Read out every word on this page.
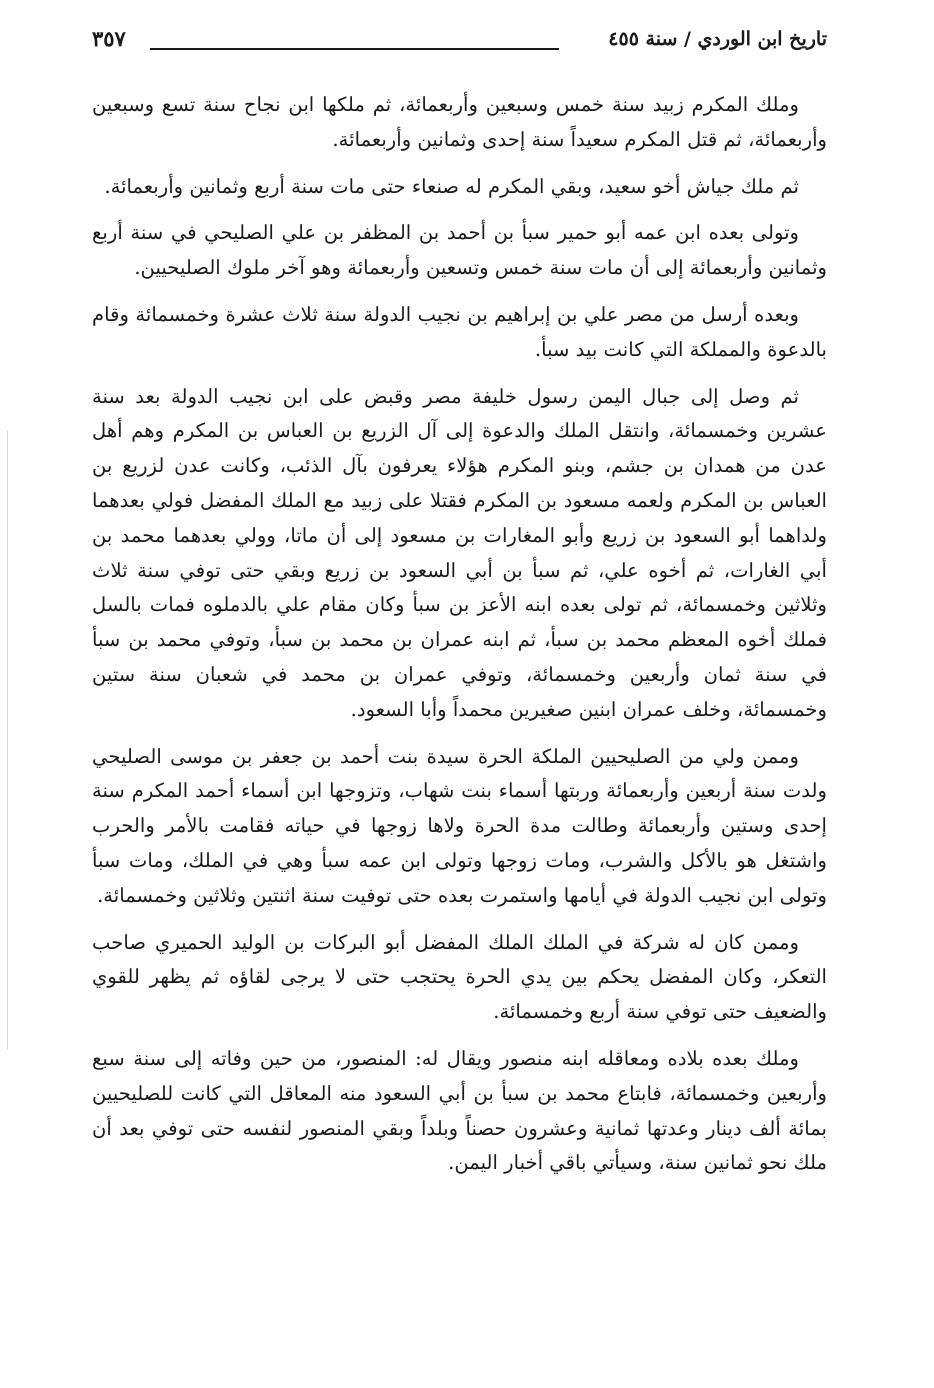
تاريخ ابن الوردي / سنة ٤٥٥
٣٥٧

وملك المكرم زبيد سنة خمس وسبعين وأربعمائة، ثم ملكها ابن نجاح سنة تسع وسبعين وأربعمائة، ثم قتل المكرم سعيداً سنة إحدى وثمانين وأربعمائة.

ثم ملك جياش أخو سعيد، وبقي المكرم له صنعاء حتى مات سنة أربع وثمانين وأربعمائة.

وتولى بعده ابن عمه أبو حمير سبأ بن أحمد بن المظفر بن علي الصليحي في سنة أربع وثمانين وأربعمائة إلى أن مات سنة خمس وتسعين وأربعمائة وهو آخر ملوك الصليحيين.

وبعده أرسل من مصر علي بن إبراهيم بن نجيب الدولة سنة ثلاث عشرة وخمسمائة وقام بالدعوة والمملكة التي كانت بيد سبأ.

ثم وصل إلى جبال اليمن رسول خليفة مصر وقبض على ابن نجيب الدولة بعد سنة عشرين وخمسمائة، وانتقل الملك والدعوة إلى آل الزريع بن العباس بن المكرم وهم أهل عدن من همدان بن جشم، وبنو المكرم هؤلاء يعرفون بآل الذئب، وكانت عدن لزريع بن العباس بن المكرم ولعمه مسعود بن المكرم فقتلا على زبيد مع الملك المفضل فولي بعدهما ولداهما أبو السعود بن زريع وأبو المغارات بن مسعود إلى أن ماتا، وولي بعدهما محمد بن أبي الغارات، ثم أخوه علي، ثم سبأ بن أبي السعود بن زريع وبقي حتى توفي سنة ثلاث وثلاثين وخمسمائة، ثم تولى بعده ابنه الأعز بن سبأ وكان مقام علي بالدملوه فمات بالسل فملك أخوه المعظم محمد بن سبأ، ثم ابنه عمران بن محمد بن سبأ، وتوفي محمد بن سبأ في سنة ثمان وأربعين وخمسمائة، وتوفي عمران بن محمد في شعبان سنة ستين وخمسمائة، وخلف عمران ابنين صغيرين محمداً وأبا السعود.

وممن ولي من الصليحيين الملكة الحرة سيدة بنت أحمد بن جعفر بن موسى الصليحي ولدت سنة أربعين وأربعمائة وربتها أسماء بنت شهاب، وتزوجها ابن أسماء أحمد المكرم سنة إحدى وستين وأربعمائة وطالت مدة الحرة ولاها زوجها في حياته فقامت بالأمر والحرب واشتغل هو بالأكل والشرب، ومات زوجها وتولى ابن عمه سبأ وهي في الملك، ومات سبأ وتولى ابن نجيب الدولة في أيامها واستمرت بعده حتى توفيت سنة اثنتين وثلاثين وخمسمائة.

وممن كان له شركة في الملك الملك المفضل أبو البركات بن الوليد الحميري صاحب التعكر، وكان المفضل يحكم بين يدي الحرة يحتجب حتى لا يرجى لقاؤه ثم يظهر للقوي والضعيف حتى توفي سنة أربع وخمسمائة.

وملك بعده بلاده ومعاقله ابنه منصور ويقال له: المنصور، من حين وفاته إلى سنة سبع وأربعين وخمسمائة، فابتاع محمد بن سبأ بن أبي السعود منه المعاقل التي كانت للصليحيين بمائة ألف دينار وعدتها ثمانية وعشرون حصناً وبلداً وبقي المنصور لنفسه حتى توفي بعد أن ملك نحو ثمانين سنة، وسيأتي باقي أخبار اليمن.
